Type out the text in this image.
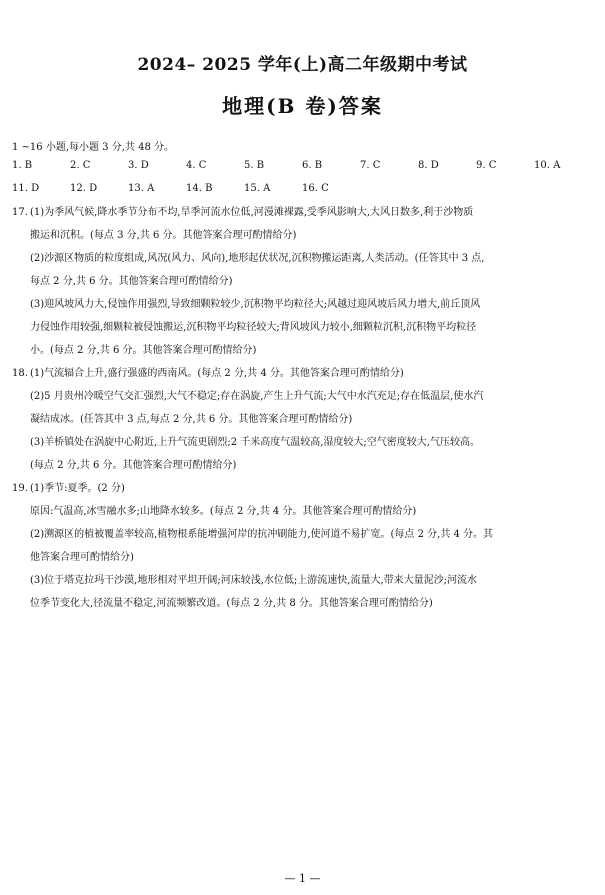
2024– 2025 学年(上)高二年级期中考试
地理(B 卷)答案
1 ~16 小题,每小题 3 分,共 48 分。
1. B	2. C	3. D	4. C	5. B	6. B	7. C	8. D	9. C	10. A
11. D	12. D	13. A	14. B	15. A	16. C
17. (1)为季风气候,降水季节分布不均,旱季河流水位低,河漫滩裸露,受季风影响大,大风日数多,利于沙物质
搬运和沉积。(每点 3 分,共 6 分。其他答案合理可酌情给分)
(2)沙源区物质的粒度组成,风况(风力、风向),地形起伏状况,沉积物搬运距离,人类活动。(任答其中 3 点,
每点 2 分,共 6 分。其他答案合理可酌情给分)
(3)迎风坡风力大,侵蚀作用强烈,导致细颗粒较少,沉积物平均粒径大;风越过迎风坡后风力增大,前丘顶风
力侵蚀作用较强,细颗粒被侵蚀搬运,沉积物平均粒径较大;背风坡风力较小,细颗粒沉积,沉积物平均粒径
小。(每点 2 分,共 6 分。其他答案合理可酌情给分)
18. (1)气流辐合上升,盛行强盛的西南风。(每点 2 分,共 4 分。其他答案合理可酌情给分)
(2)5 月贵州冷暖空气交汇强烈,大气不稳定;存在涡旋,产生上升气流;大气中水汽充足;存在低温层,使水汽
凝结成冰。(任答其中 3 点,每点 2 分,共 6 分。其他答案合理可酌情给分)
(3)羊桥镇处在涡旋中心附近,上升气流更剧烈;2 千米高度气温较高,湿度较大;空气密度较大,气压较高。
(每点 2 分,共 6 分。其他答案合理可酌情给分)
19. (1)季节:夏季。(2 分)
原因:气温高,冰雪融水多;山地降水较多。(每点 2 分,共 4 分。其他答案合理可酌情给分)
(2)溯源区的植被覆盖率较高,植物根系能增强河岸的抗冲刷能力,使河道不易扩宽。(每点 2 分,共 4 分。其
他答案合理可酌情给分)
(3)位于塔克拉玛干沙漠,地形相对平坦开阔;河床较浅,水位低;上游流速快,流量大,带来大量泥沙;河流水
位季节变化大,径流量不稳定,河流频繁改道。(每点 2 分,共 8 分。其他答案合理可酌情给分)
— 1 —
